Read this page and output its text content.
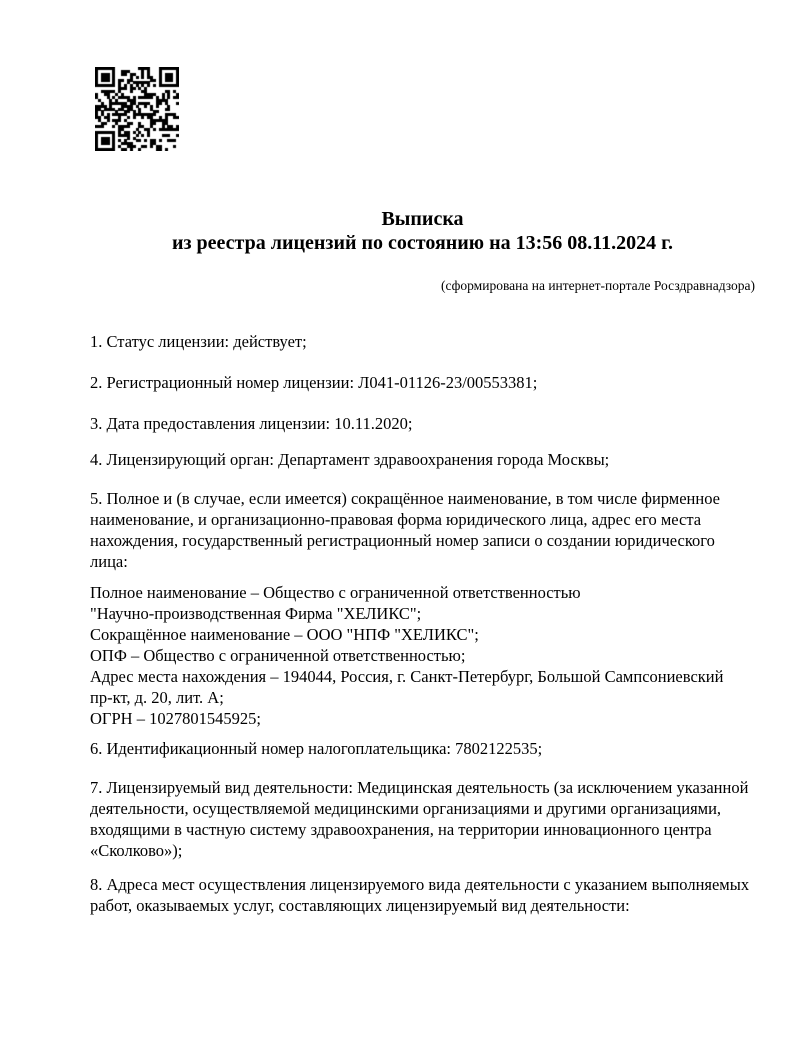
Выписка
из реестра лицензий по состоянию на 13:56 08.11.2024 г.
(сформирована на интернет-портале Росздравнадзора)
1. Статус лицензии: действует;
2. Регистрационный номер лицензии: Л041-01126-23/00553381;
3. Дата предоставления лицензии: 10.11.2020;
4. Лицензирующий орган: Департамент здравоохранения города Москвы;
5. Полное и (в случае, если имеется) сокращённое наименование, в том числе фирменное наименование, и организационно-правовая форма юридического лица, адрес его места нахождения, государственный регистрационный номер записи о создании юридического лица:
Полное наименование – Общество с ограниченной ответственностью "Научно-производственная Фирма "ХЕЛИКС";
Сокращённое наименование – ООО "НПФ "ХЕЛИКС";
ОПФ – Общество с ограниченной ответственностью;
Адрес места нахождения – 194044, Россия, г. Санкт-Петербург, Большой Сампсониевский пр-кт, д. 20, лит. А;
ОГРН – 1027801545925;
6. Идентификационный номер налогоплательщика: 7802122535;
7. Лицензируемый вид деятельности: Медицинская деятельность (за исключением указанной деятельности, осуществляемой медицинскими организациями и другими организациями, входящими в частную систему здравоохранения, на территории инновационного центра «Сколково»);
8. Адреса мест осуществления лицензируемого вида деятельности с указанием выполняемых работ, оказываемых услуг, составляющих лицензируемый вид деятельности:
